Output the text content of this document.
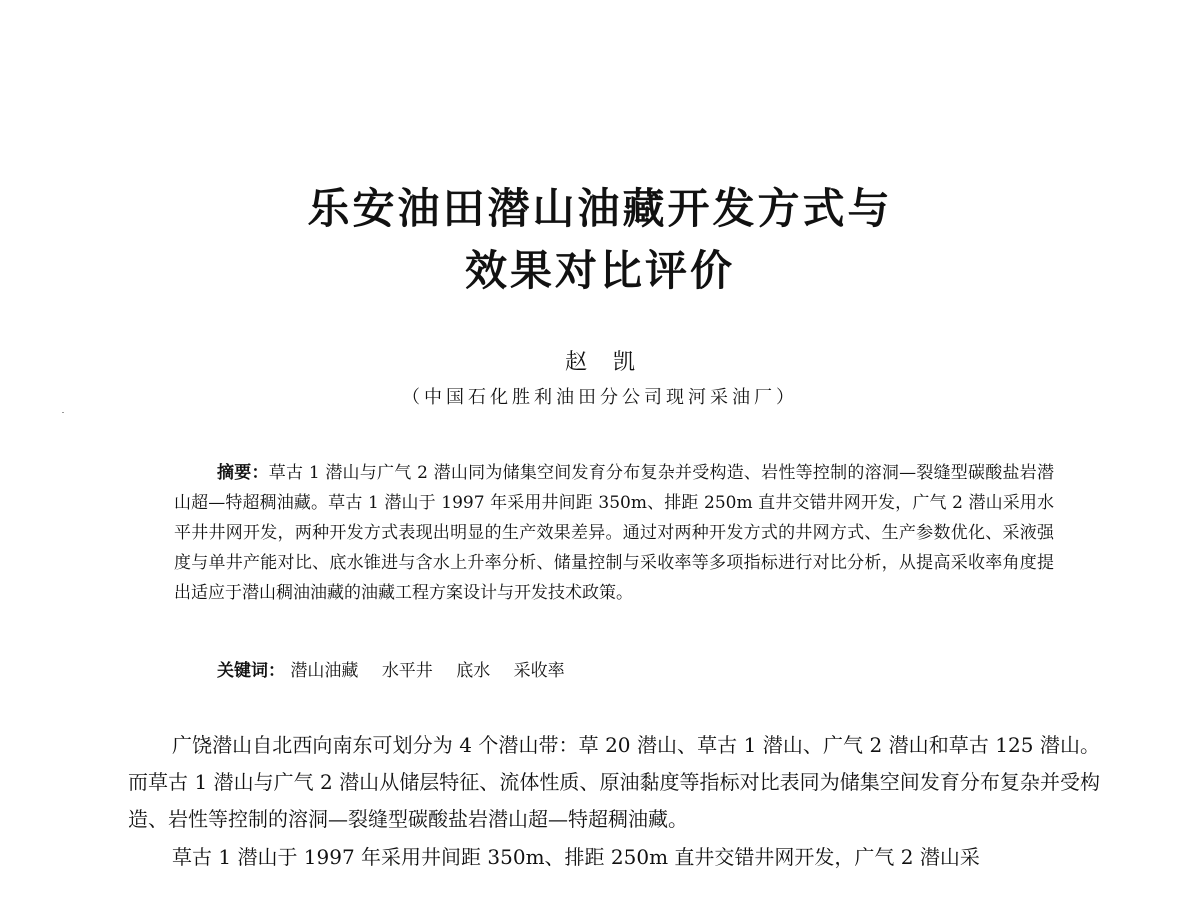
乐安油田潜山油藏开发方式与
效果对比评价

赵凯

（中国石化胜利油田分公司现河采油厂）

摘要：草古 1 潜山与广气 2 潜山同为储集空间发育分布复杂并受构造、岩性等控制的溶洞—裂缝型碳酸盐岩潜山超—特超稠油藏。草古 1 潜山于 1997 年采用井间距 350m、排距 250m 直井交错井网开发，广气 2 潜山采用水平井井网开发，两种开发方式表现出明显的生产效果差异。通过对两种开发方式的井网方式、生产参数优化、采液强度与单井产能对比、底水锥进与含水上升率分析、储量控制与采收率等多项指标进行对比分析，从提高采收率角度提出适应于潜山稠油油藏的油藏工程方案设计与开发技术政策。

关键词： 潜山油藏 水平井 底水 采收率

广饶潜山自北西向南东可划分为 4 个潜山带：草 20 潜山、草古 1 潜山、广气 2 潜山和草古 125 潜山。而草古 1 潜山与广气 2 潜山从储层特征、流体性质、原油黏度等指标对比表同为储集空间发育分布复杂并受构造、岩性等控制的溶洞—裂缝型碳酸盐岩潜山超—特超稠油藏。

草古 1 潜山于 1997 年采用井间距 350m、排距 250m 直井交错井网开发，广气 2 潜山采
